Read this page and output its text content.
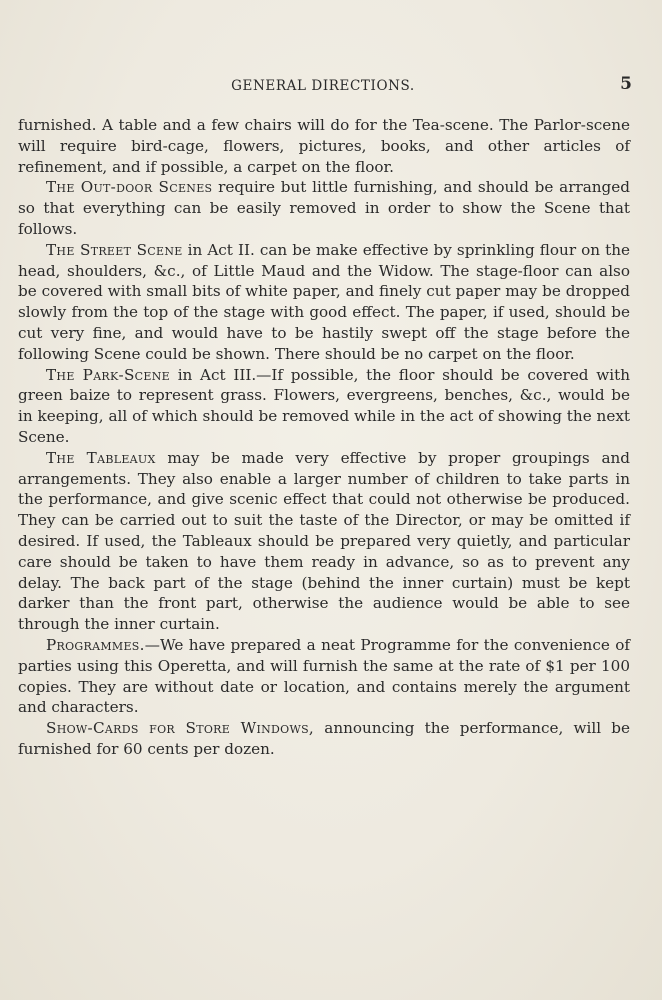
GENERAL DIRECTIONS.	5
furnished. A table and a few chairs will do for the Tea-scene. The Parlor-scene will require bird-cage, flowers, pictures, books, and other articles of refinement, and if possible, a carpet on the floor.
The Out-door Scenes require but little furnishing, and should be arranged so that everything can be easily removed in order to show the Scene that follows.
The Street Scene in Act II. can be make effective by sprinkling flour on the head, shoulders, &c., of Little Maud and the Widow. The stage-floor can also be covered with small bits of white paper, and finely cut paper may be dropped slowly from the top of the stage with good effect. The paper, if used, should be cut very fine, and would have to be hastily swept off the stage before the following Scene could be shown. There should be no carpet on the floor.
The Park-Scene in Act III.—If possible, the floor should be covered with green baize to represent grass. Flowers, evergreens, benches, &c., would be in keeping, all of which should be removed while in the act of showing the next Scene.
The Tableaux may be made very effective by proper groupings and arrangements. They also enable a larger number of children to take parts in the performance, and give scenic effect that could not otherwise be produced. They can be carried out to suit the taste of the Director, or may be omitted if desired. If used, the Tableaux should be prepared very quietly, and particular care should be taken to have them ready in advance, so as to prevent any delay. The back part of the stage (behind the inner curtain) must be kept darker than the front part, otherwise the audience would be able to see through the inner curtain.
Programmes.—We have prepared a neat Programme for the convenience of parties using this Operetta, and will furnish the same at the rate of $1 per 100 copies. They are without date or location, and contains merely the argument and characters.
Show-Cards for Store Windows, announcing the performance, will be furnished for 60 cents per dozen.
